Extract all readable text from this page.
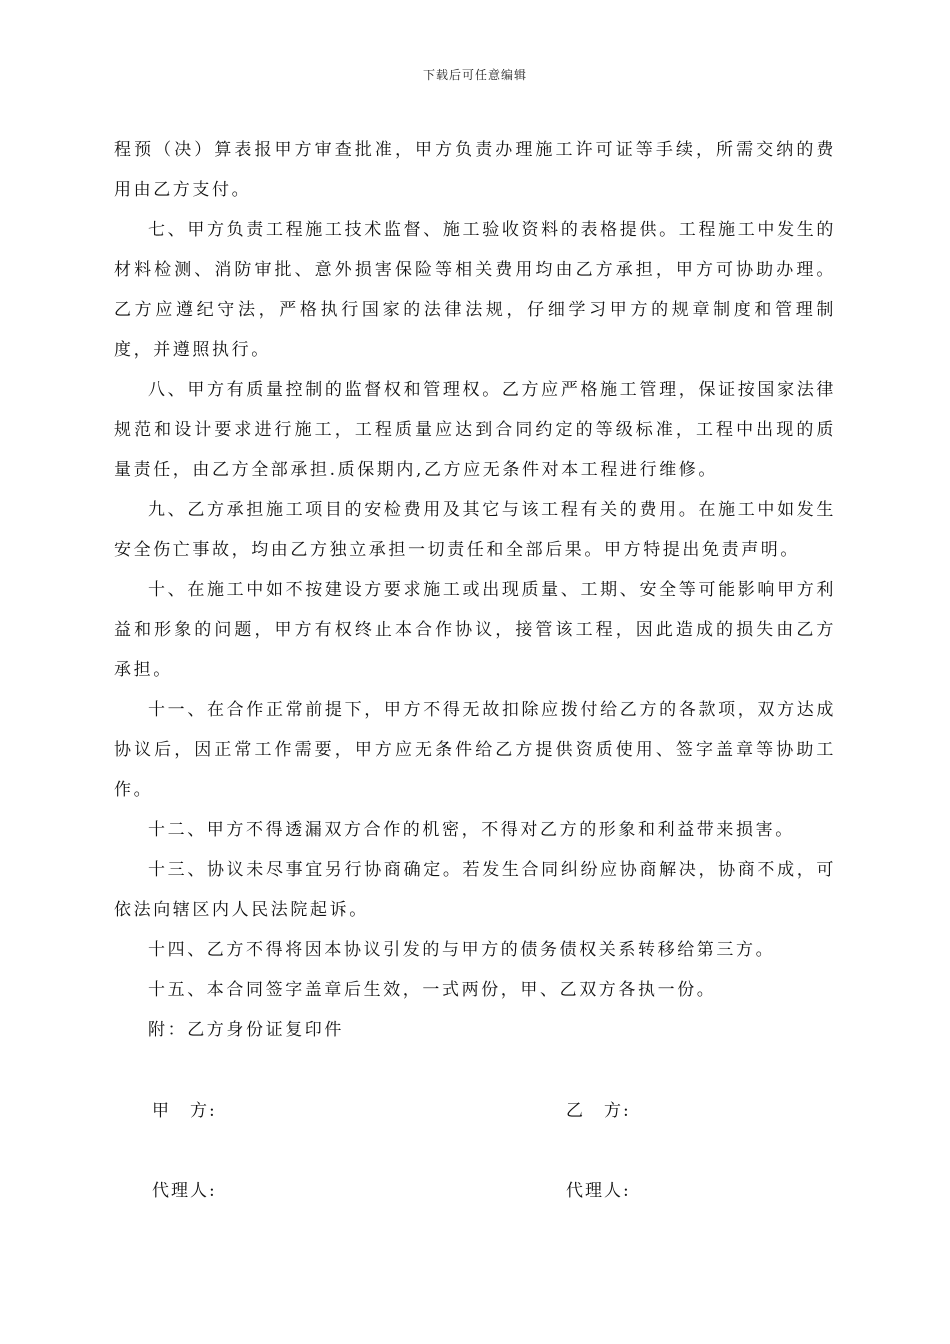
下载后可任意编辑

程预（决）算表报甲方审查批准，甲方负责办理施工许可证等手续，所需交纳的费用由乙方支付。

七、甲方负责工程施工技术监督、施工验收资料的表格提供。工程施工中发生的材料检测、消防审批、意外损害保险等相关费用均由乙方承担，甲方可协助办理。乙方应遵纪守法，严格执行国家的法律法规，仔细学习甲方的规章制度和管理制度，并遵照执行。

八、甲方有质量控制的监督权和管理权。乙方应严格施工管理，保证按国家法律规范和设计要求进行施工，工程质量应达到合同约定的等级标准，工程中出现的质量责任，由乙方全部承担.质保期内,乙方应无条件对本工程进行维修。

九、乙方承担施工项目的安检费用及其它与该工程有关的费用。在施工中如发生安全伤亡事故，均由乙方独立承担一切责任和全部后果。甲方特提出免责声明。

十、在施工中如不按建设方要求施工或出现质量、工期、安全等可能影响甲方利益和形象的问题，甲方有权终止本合作协议，接管该工程，因此造成的损失由乙方承担。

十一、在合作正常前提下，甲方不得无故扣除应拨付给乙方的各款项，双方达成协议后，因正常工作需要，甲方应无条件给乙方提供资质使用、签字盖章等协助工作。

十二、甲方不得透漏双方合作的机密，不得对乙方的形象和利益带来损害。

十三、协议未尽事宜另行协商确定。若发生合同纠纷应协商解决，协商不成，可依法向辖区内人民法院起诉。

十四、乙方不得将因本协议引发的与甲方的债务债权关系转移给第三方。

十五、本合同签字盖章后生效，一式两份，甲、乙双方各执一份。

附：乙方身份证复印件

甲　方:	乙　方:
代理人:	代理人:
